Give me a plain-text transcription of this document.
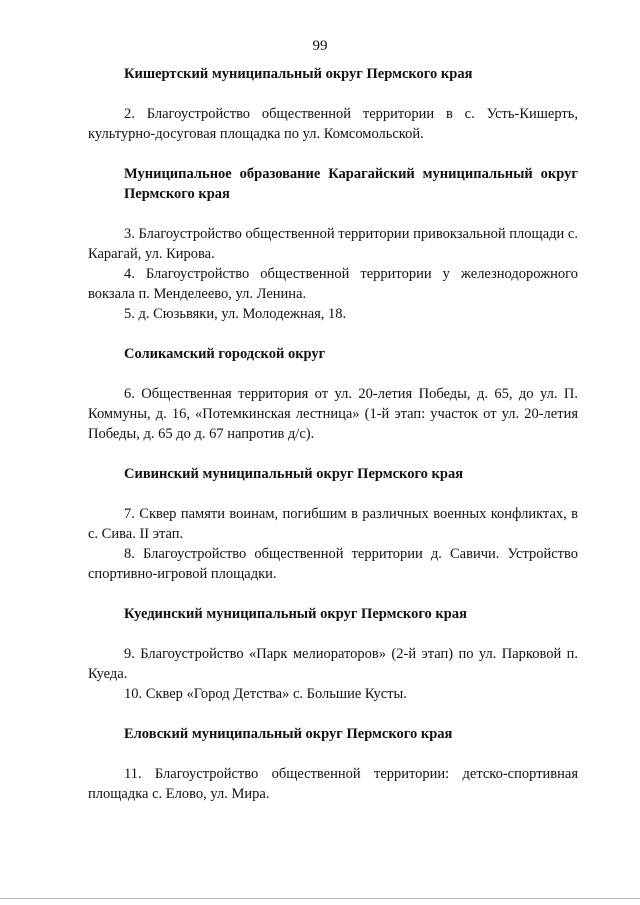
99

Кишертский муниципальный округ Пермского края

2. Благоустройство общественной территории в с. Усть-Кишерть, культурно-досуговая площадка по ул. Комсомольской.

Муниципальное образование Карагайский муниципальный округ Пермского края

3. Благоустройство общественной территории привокзальной площади с. Карагай, ул. Кирова.

4. Благоустройство общественной территории у железнодорожного вокзала п. Менделеево, ул. Ленина.

5. д. Сюзьвяки, ул. Молодежная, 18.

Соликамский городской округ

6. Общественная территория от ул. 20-летия Победы, д. 65, до ул. П. Коммуны, д. 16, «Потемкинская лестница» (1-й этап: участок от ул. 20-летия Победы, д. 65 до д. 67 напротив д/с).

Сивинский муниципальный округ Пермского края

7. Сквер памяти воинам, погибшим в различных военных конфликтах, в с. Сива. II этап.

8. Благоустройство общественной территории д. Савичи. Устройство спортивно-игровой площадки.

Куединский муниципальный округ Пермского края

9. Благоустройство «Парк мелиораторов» (2-й этап) по ул. Парковой п. Куеда.

10. Сквер «Город Детства» с. Большие Кусты.

Еловский муниципальный округ Пермского края

11. Благоустройство общественной территории: детско-спортивная площадка с. Елово, ул. Мира.
